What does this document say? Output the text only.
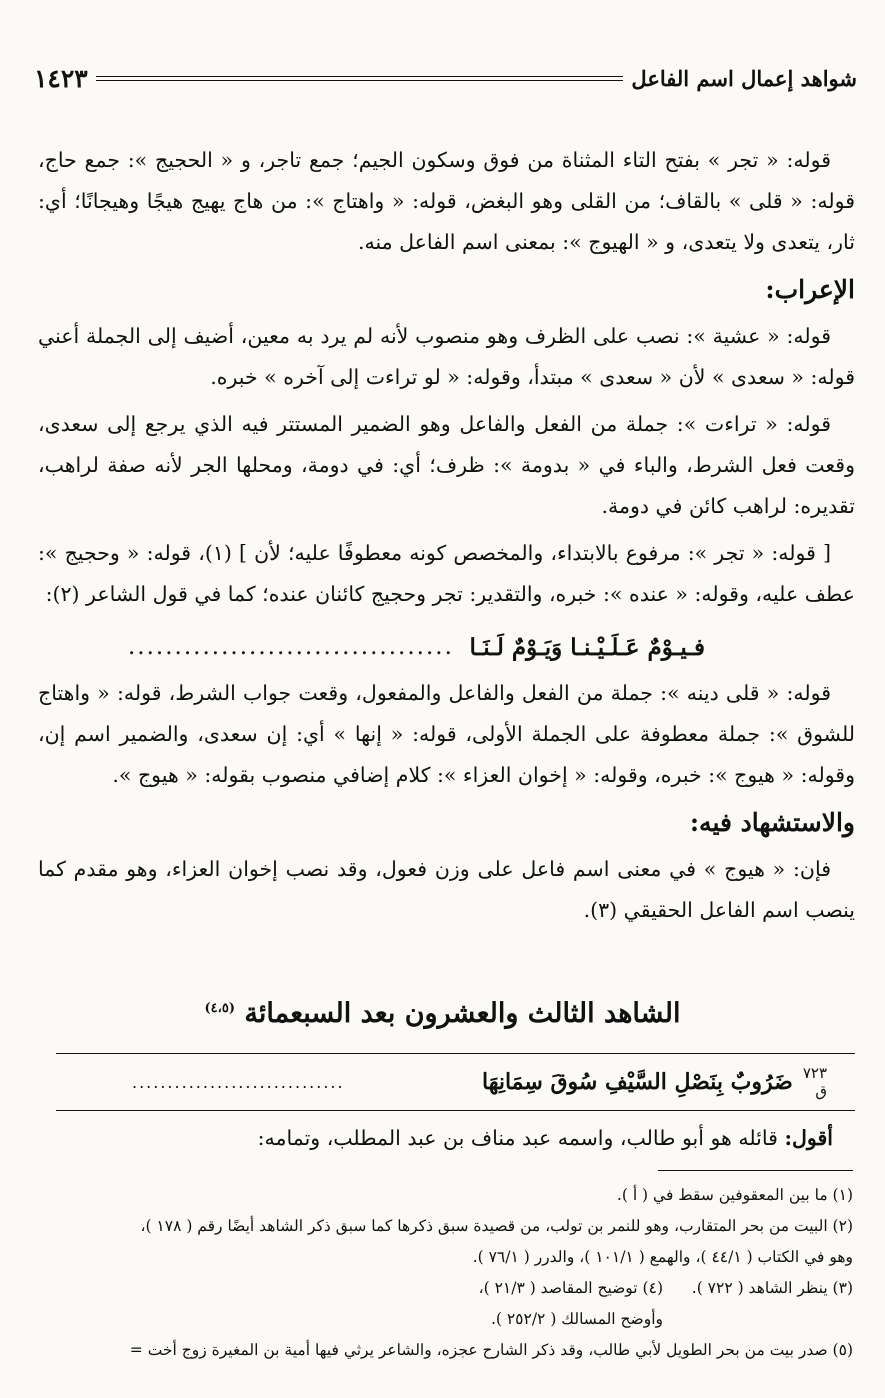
شواهد إعمال اسم الفاعل
١٤٢٣

قوله: « تجر » بفتح التاء المثناة من فوق وسكون الجيم؛ جمع تاجر، و « الحجيج »: جمع حاج، قوله: « قلى » بالقاف؛ من القلى وهو البغض، قوله: « واهتاج »: من هاج يهيج هيجًا وهيجانًا؛ أي: ثار، يتعدى ولا يتعدى، و « الهيوج »: بمعنى اسم الفاعل منه.

الإعراب:

قوله: « عشية »: نصب على الظرف وهو منصوب لأنه لم يرد به معين، أضيف إلى الجملة أعني قوله: « سعدى » لأن « سعدى » مبتدأ، وقوله: « لو تراءت إلى آخره » خبره.

قوله: « تراءت »: جملة من الفعل والفاعل وهو الضمير المستتر فيه الذي يرجع إلى سعدى، وقعت فعل الشرط، والباء في « بدومة »: ظرف؛ أي: في دومة، ومحلها الجر لأنه صفة لراهب، تقديره: لراهب كائن في دومة.

[ قوله: « تجر »: مرفوع بالابتداء، والمخصص كونه معطوفًا عليه؛ لأن ] (١)، قوله: « وحجيج »: عطف عليه، وقوله: « عنده »: خبره، والتقدير: تجر وحجيج كائنان عنده؛ كما في قول الشاعر (٢):

فـيـوْمٌ عَـلَـيْـنـا وَيَـوْمٌ لَـنَـا
...................................

قوله: « قلى دينه »: جملة من الفعل والفاعل والمفعول، وقعت جواب الشرط، قوله: « واهتاج للشوق »: جملة معطوفة على الجملة الأولى، قوله: « إنها » أي: إن سعدى، والضمير اسم إن، وقوله: « هيوج »: خبره، وقوله: « إخوان العزاء »: كلام إضافي منصوب بقوله: « هيوج ».

والاستشهاد فيه:

فإن: « هيوج » في معنى اسم فاعل على وزن فعول، وقد نصب إخوان العزاء، وهو مقدم كما ينصب اسم الفاعل الحقيقي (٣).

الشاهد الثالث والعشرون بعد السبعمائة $^{(٤،٥)}$
٧٢٣
ق
ضَرُوبٌ بِنَصْلِ السَّيْفِ سُوقَ سِمَانِهَا
..............................
أقول: قائله هو أبو طالب، واسمه عبد مناف بن عبد المطلب، وتمامه:

(١) ما بين المعقوفين سقط في ( أ ).

(٢) البيت من بحر المتقارب، وهو للنمر بن تولب، من قصيدة سبق ذكرها كما سبق ذكر الشاهد أيضًا رقم ( ١٧٨ )،

وهو في الكتاب ( ٤٤/١ )، والهمع ( ١٠١/١ )، والدرر ( ٧٦/١ ).

(٣) ينظر الشاهد ( ٧٢٢ ).
(٤) توضيح المقاصد ( ٢١/٣ )، وأوضح المسالك ( ٢٥٢/٢ ).

(٥) صدر بيت من بحر الطويل لأبي طالب، وقد ذكر الشارح عجزه، والشاعر يرثي فيها أمية بن المغيرة زوج أخت =
